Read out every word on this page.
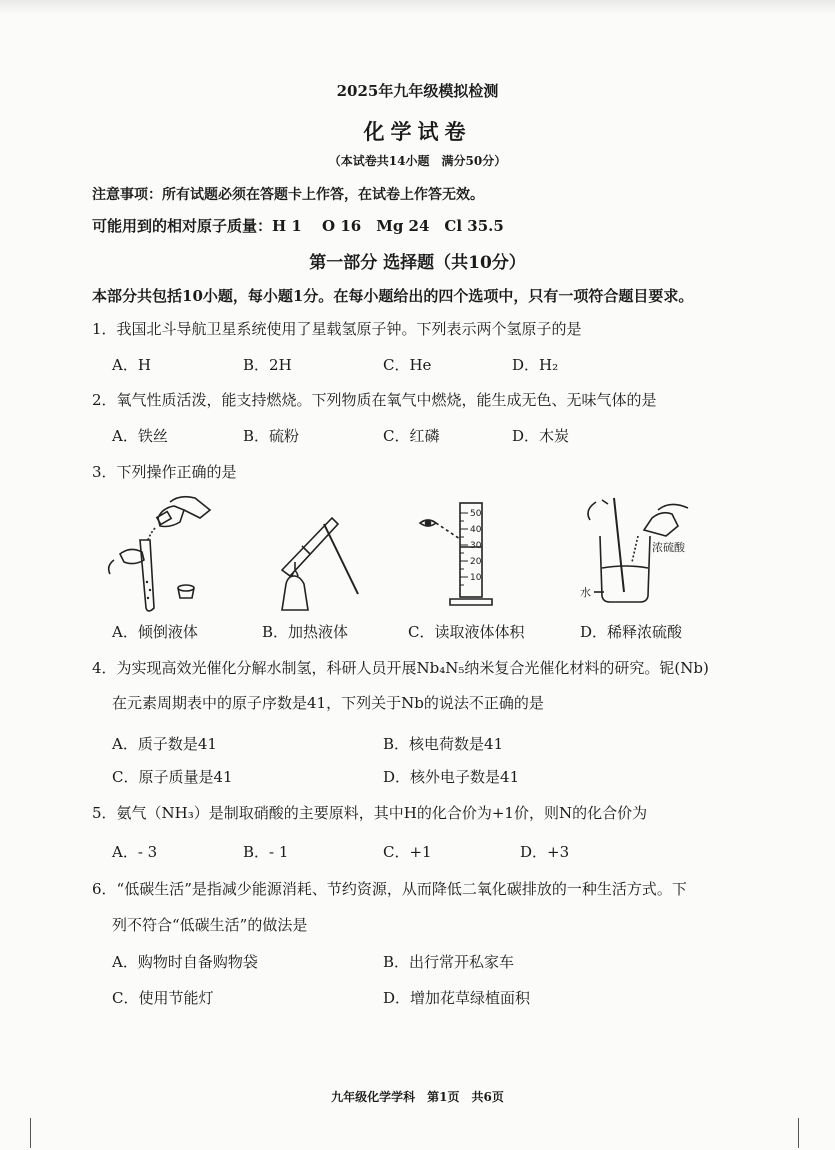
2025年九年级模拟检测
化学试卷
（本试卷共14小题　满分50分）
注意事项：所有试题必须在答题卡上作答，在试卷上作答无效。
可能用到的相对原子质量：H 1　 O 16　Mg 24　Cl 35.5
第一部分 选择题（共10分）
本部分共包括10小题，每小题1分。在每小题给出的四个选项中，只有一项符合题目要求。
1．我国北斗导航卫星系统使用了星载氢原子钟。下列表示两个氢原子的是
A．H	B．2H	C．He	D．H₂
2．氧气性质活泼，能支持燃烧。下列物质在氧气中燃烧，能生成无色、无味气体的是
A．铁丝	B．硫粉	C．红磷	D．木炭
3．下列操作正确的是
50
40
30
20
10
浓硫酸
水
A．倾倒液体	B．加热液体	C．读取液体体积	D．稀释浓硫酸
4．为实现高效光催化分解水制氢，科研人员开展Nb₄N₅纳米复合光催化材料的研究。铌(Nb)
在元素周期表中的原子序数是41，下列关于Nb的说法不正确的是
A．质子数是41	B．核电荷数是41
C．原子质量是41	D．核外电子数是41
5．氨气（NH₃）是制取硝酸的主要原料，其中H的化合价为+1价，则N的化合价为
A．- 3	B．- 1	C．+1	D．+3
6．“低碳生活”是指减少能源消耗、节约资源，从而降低二氧化碳排放的一种生活方式。下
列不符合“低碳生活”的做法是
A．购物时自备购物袋	B．出行常开私家车
C．使用节能灯	D．增加花草绿植面积
九年级化学学科　第1页　共6页
